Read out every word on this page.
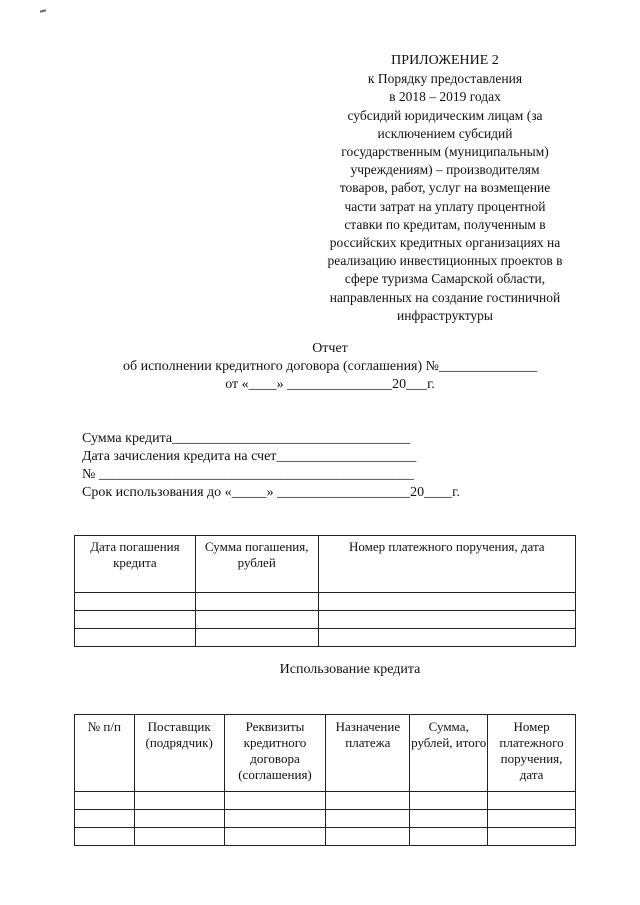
ПРИЛОЖЕНИЕ 2
к Порядку предоставления
в 2018 – 2019 годах
субсидий юридическим лицам (за
исключением субсидий
государственным (муниципальным)
учреждениям) – производителям
товаров, работ, услуг на возмещение
части затрат на уплату процентной
ставки по кредитам, полученным в
российских кредитных организациях на
реализацию инвестиционных проектов в
сфере туризма Самарской области,
направленных на создание гостиничной
инфраструктуры
Отчет
об исполнении кредитного договора (соглашения) №______________
от «____» _______________20___г.
Сумма кредита__________________________________
Дата зачисления кредита на счет____________________
№ _____________________________________________
Срок использования до «_____» ___________________20____г.
Дата погашения кредита	Сумма погашения, рублей	Номер платежного поручения, дата

Использование кредита
№ п/п	Поставщик (подрядчик)	Реквизиты кредитного договора (соглашения)	Назначение платежа	Сумма, рублей, итого	Номер платежного поручения, дата
